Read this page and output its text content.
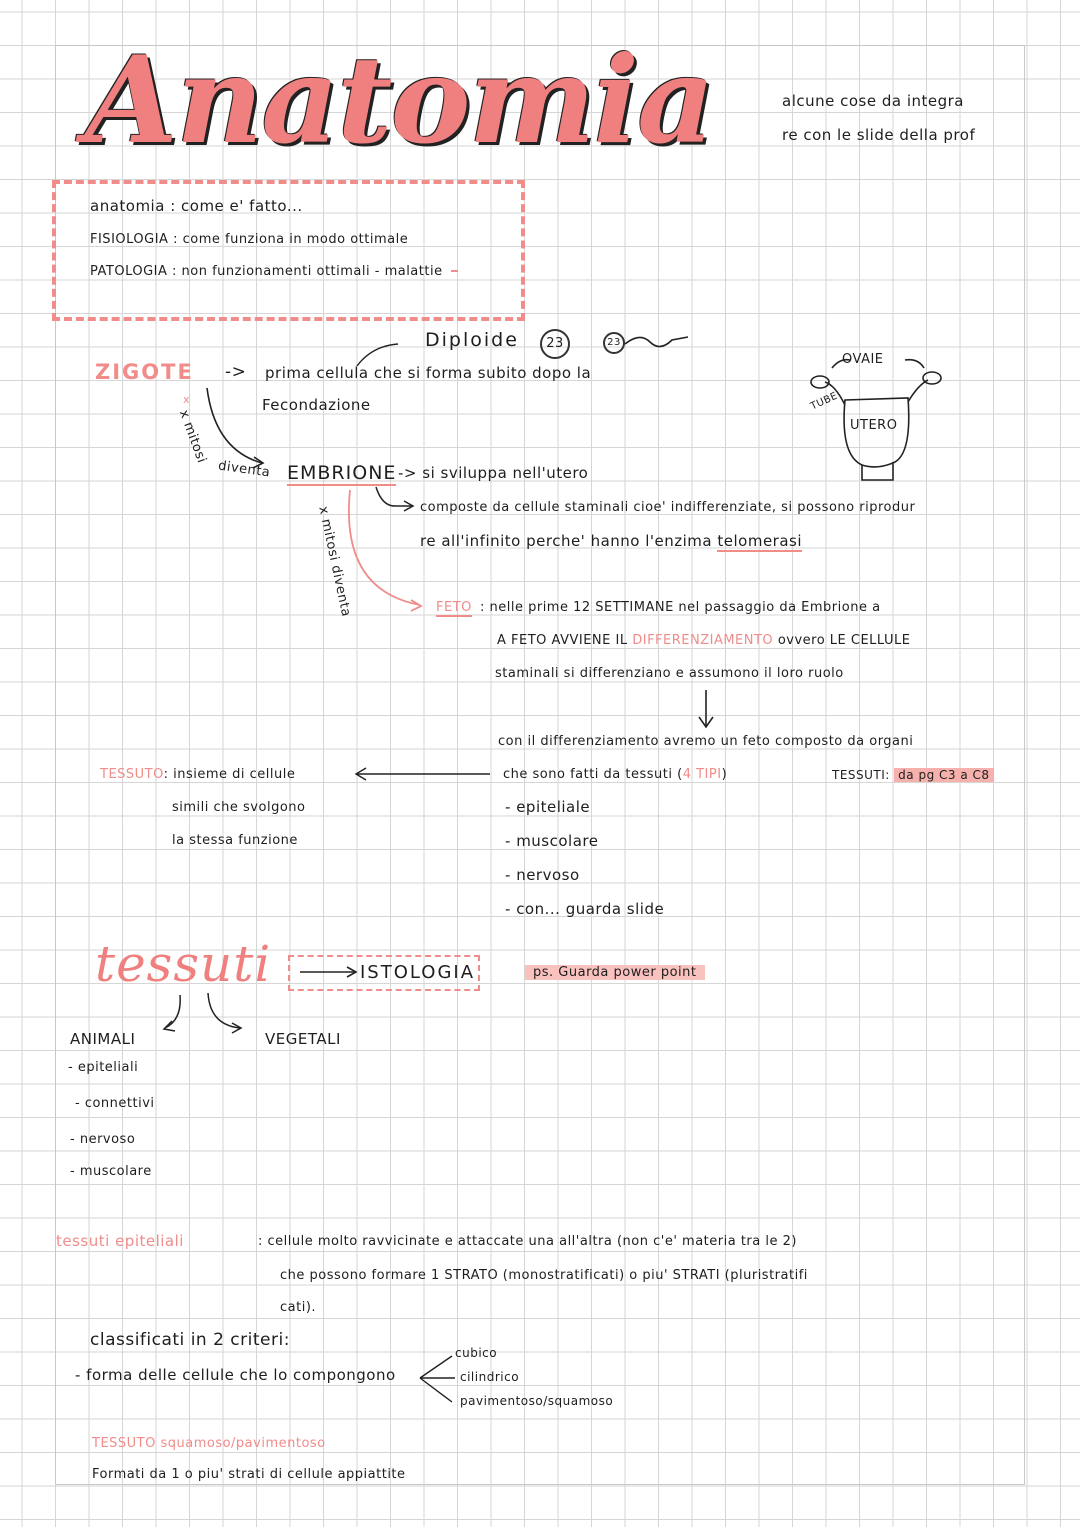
Anatomia	alcune cose da integra
re con le slide della prof
anatomia : come e' fatto...
FISIOLOGIA : come funziona in modo ottimale
PATOLOGIA : non funzionamenti ottimali - malattie
ZIGOTE ->
Diploide	23	23
prima cellula che si forma subito dopo la
Fecondazione
x mitosi
diventa
OVAIE
TUBE
UTERO
EMBRIONE -> si sviluppa nell'utero
composte da cellule staminali cioe' indifferenziate, si possono riprodur
re all'infinito perche' hanno l'enzima telomerasi
x mitosi diventa	FETO : nelle prime 12 SETTIMANE nel passaggio da Embrione a
A FETO AVVIENE IL DIFFERENZIAMENTO ovvero LE CELLULE
staminali si differenziano e assumono il loro ruolo
con il differenziamento avremo un feto composto da organi
che sono fatti da tessuti (4 TIPI)	TESSUTI: da pg C3 a C8
- epiteliale
- muscolare
- nervoso
- con... guarda slide
TESSUTO: insieme di cellule
simili che svolgono
la stessa funzione
tessuti	ISTOLOGIA	ps. Guarda power point
ANIMALI	VEGETALI
- epiteliali
- connettivi
- nervoso
- muscolare
tessuti epiteliali	: cellule molto ravvicinate e attaccate una all'altra (non c'e' materia tra le 2)
che possono formare 1 STRATO (monostratificati) o piu' STRATI (pluristratifi
cati).
classificati in 2 criteri:
- forma delle cellule che lo compongono
cubico
cilindrico
pavimentoso/squamoso
TESSUTO squamoso/pavimentoso
Formati da 1 o piu' strati di cellule appiattite
x
